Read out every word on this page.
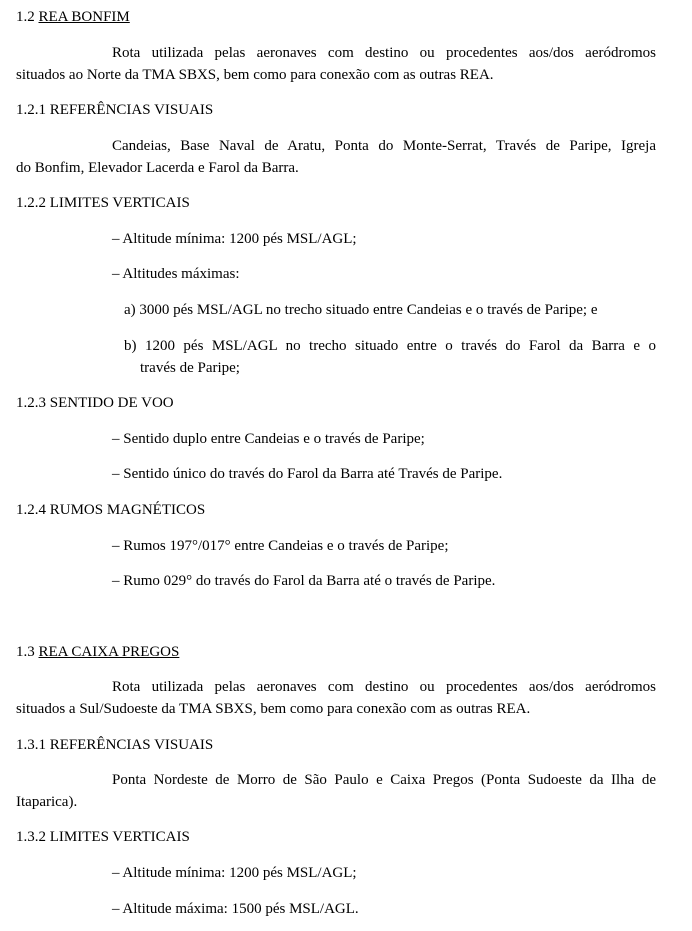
1.2 REA BONFIM
Rota utilizada pelas aeronaves com destino ou procedentes aos/dos aeródromos
situados ao Norte da TMA SBXS, bem como para conexão com as outras REA.
1.2.1 REFERÊNCIAS VISUAIS
Candeias, Base Naval de Aratu, Ponta do Monte-Serrat, Través de Paripe, Igreja
do Bonfim, Elevador Lacerda e Farol da Barra.
1.2.2 LIMITES VERTICAIS
– Altitude mínima: 1200 pés MSL/AGL;
– Altitudes máximas:
a) 3000 pés MSL/AGL no trecho situado entre Candeias e o través de Paripe; e
b) 1200 pés MSL/AGL no trecho situado entre o través do Farol da Barra e o
través de Paripe;
1.2.3 SENTIDO DE VOO
– Sentido duplo entre Candeias e o través de Paripe;
– Sentido único do través do Farol da Barra até Través de Paripe.
1.2.4 RUMOS MAGNÉTICOS
– Rumos 197°/017° entre Candeias e o través de Paripe;
– Rumo 029° do través do Farol da Barra até o través de Paripe.
1.3 REA CAIXA PREGOS
Rota utilizada pelas aeronaves com destino ou procedentes aos/dos aeródromos
situados a Sul/Sudoeste da TMA SBXS, bem como para conexão com as outras REA.
1.3.1 REFERÊNCIAS VISUAIS
Ponta Nordeste de Morro de São Paulo e Caixa Pregos (Ponta Sudoeste da Ilha de
Itaparica).
1.3.2 LIMITES VERTICAIS
– Altitude mínima: 1200 pés MSL/AGL;
– Altitude máxima: 1500 pés MSL/AGL.
